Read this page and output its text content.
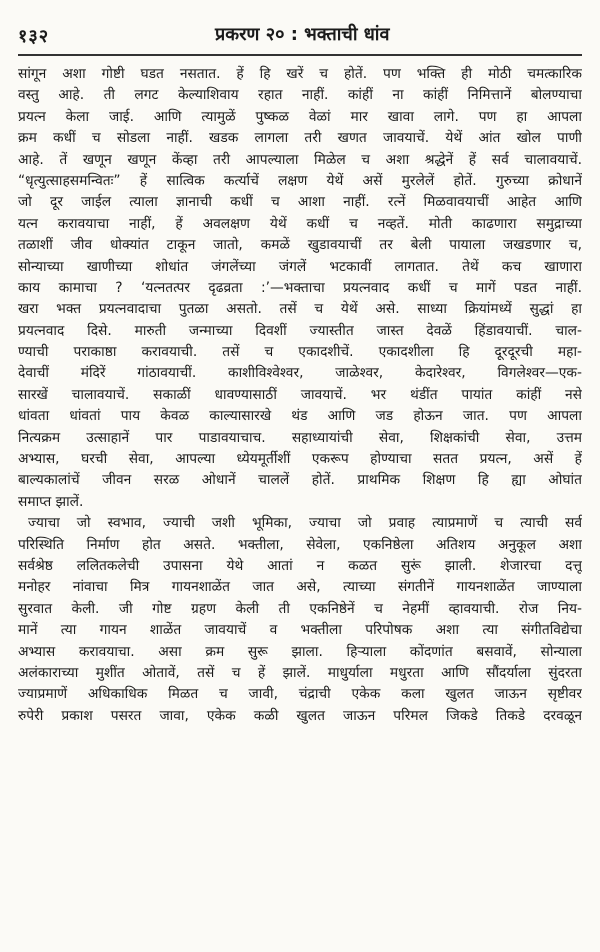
१३२	प्रकरण २० : भक्ताची धांव
सांगून अशा गोष्टी घडत नसतात. हें हि खरें च होतें. पण भक्ति ही मोठी चमत्कारिक
वस्तु आहे. ती लगट केल्याशिवाय रहात नाहीं. कांहीं ना कांहीं निमित्तानें बोलण्याचा
प्रयत्न केला जाई. आणि त्यामुळें पुष्कळ वेळां मार खावा लागे. पण हा आपला
क्रम कधीं च सोडला नाहीं. खडक लागला तरी खणत जावयाचें. येथें आंत खोल पाणी
आहे. तें खणून खणून केंव्हा तरी आपल्याला मिळेल च अशा श्रद्धेनें हें सर्व चालावयाचें.
“धृत्युत्साहसमन्वितः” हें सात्विक कर्त्याचें लक्षण येथें असें मुरलेलें होतें. गुरुच्या क्रोधानें
जो दूर जाईल त्याला ज्ञानाची कधीं च आशा नाहीं. रत्नें मिळवावयाचीं आहेत आणि
यत्न करावयाचा नाहीं, हें अवलक्षण येथें कधीं च नव्हतें. मोती काढणारा समुद्राच्या
तळाशीं जीव धोक्यांत टाकून जातो, कमळें खुडावयाचीं तर बेली पायाला जखडणार च,
सोन्याच्या खाणीच्या शोधांत जंगलेंच्या जंगलें भटकावीं लागतात. तेथें कच खाणारा
काय कामाचा ? ‘यत्नतत्पर दृढव्रता :’—भक्ताचा प्रयत्नवाद कधीं च मागें पडत नाहीं.
खरा भक्त प्रयत्नवादाचा पुतळा असतो. तसें च येथें असे. साध्या क्रियांमध्यें सुद्धां हा
प्रयत्नवाद दिसे. मारुती जन्माच्या दिवशीं ज्यास्तीत जास्त देवळें हिंडावयाचीं. चाल-
ण्याची पराकाष्ठा करावयाची. तसें च एकादशीचें. एकादशीला हि दूरदूरची महा-
देवाचीं मंदिरें गांठावयाचीं. काशीविश्वेश्वर, जाळेश्वर, केदारेश्वर, विगलेश्वर—एक-
सारखें चालावयाचें. सकाळीं धावण्यासाठीं जावयाचें. भर थंडींत पायांत कांहीं नसे
धांवता धांवतां पाय केवळ काल्यासारखे थंड आणि जड होऊन जात. पण आपला
नित्यक्रम उत्साहानें पार पाडावयाचाच. सहाध्यायांची सेवा, शिक्षकांची सेवा, उत्तम
अभ्यास, घरची सेवा, आपल्या ध्येयमूर्तीशीं एकरूप होण्याचा सतत प्रयत्न, असें हें
बाल्यकालांचें जीवन सरळ ओधानें चाललें होतें. प्राथमिक शिक्षण हि ह्या ओघांत
समाप्त झालें.
ज्याचा जो स्वभाव, ज्याची जशी भूमिका, ज्याचा जो प्रवाह त्याप्रमाणें च त्याची सर्व
परिस्थिति निर्माण होत असते. भक्तीला, सेवेला, एकनिष्ठेला अतिशय अनुकूल अशा
सर्वश्रेष्ठ ललितकलेची उपासना येथे आतां न कळत सुरूं झाली. शेजारचा दत्तू
मनोहर नांवाचा मित्र गायनशाळेंत जात असे, त्याच्या संगतीनें गायनशाळेंत जाण्याला
सुरवात केली. जी गोष्ट ग्रहण केली ती एकनिष्ठेनें च नेहमीं व्हावयाची. रोज निय-
मानें त्या गायन शाळेंत जावयाचें व भक्तीला परिपोषक अशा त्या संगीतविद्येचा
अभ्यास करावयाचा. असा क्रम सुरू झाला. हिऱ्याला कोंदणांत बसवावें, सोन्याला
अलंकाराच्या मुशींत ओतावें, तसें च हें झालें. माधुर्याला मधुरता आणि सौंदर्याला सुंदरता
ज्याप्रमाणें अधिकाधिक मिळत च जावी, चंद्राची एकेक कला खुलत जाऊन सृष्टीवर
रुपेरी प्रकाश पसरत जावा, एकेक कळी खुलत जाऊन परिमल जिकडे तिकडे दरवळून
